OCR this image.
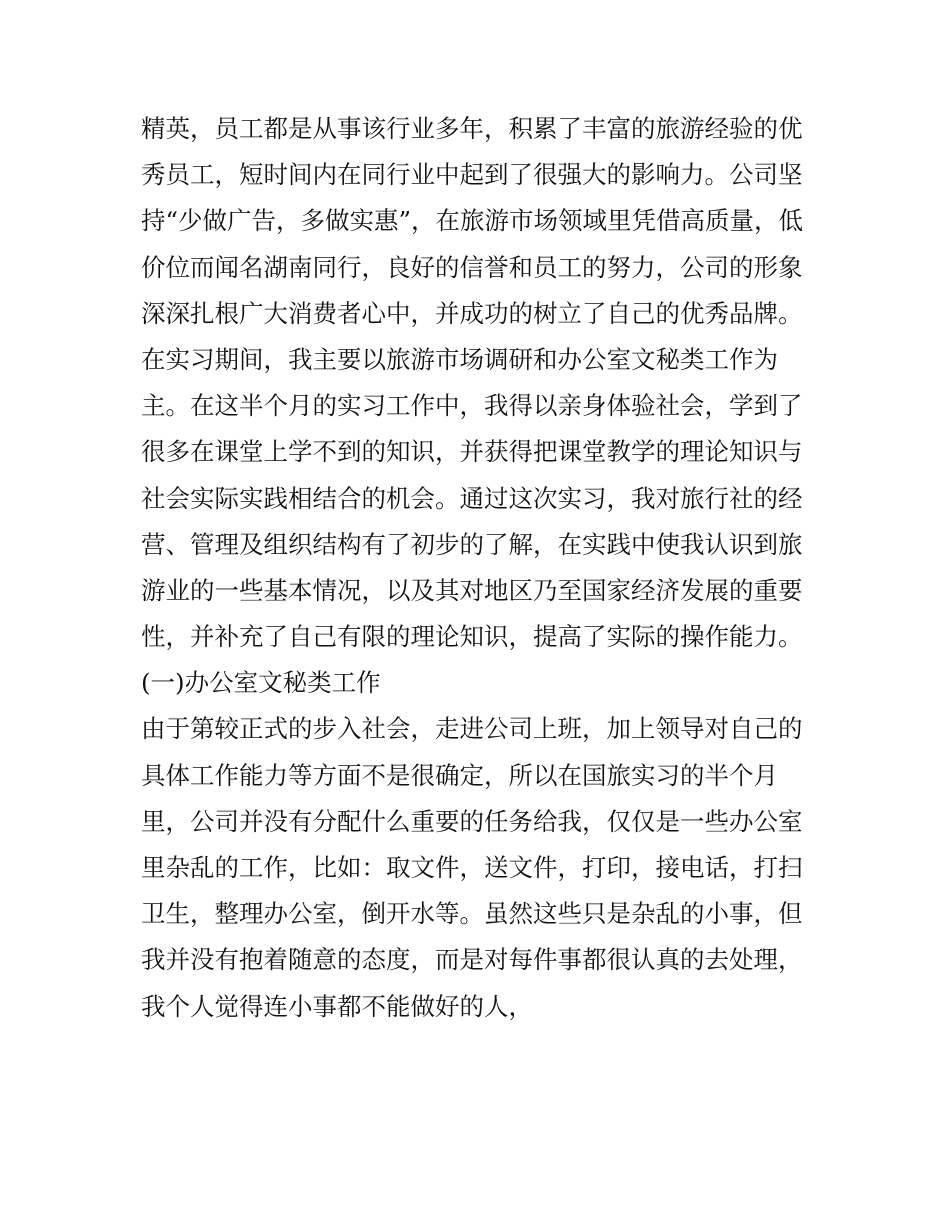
精英，员工都是从事该行业多年，积累了丰富的旅游经验的优
秀员工，短时间内在同行业中起到了很强大的影响力。公司坚
持“少做广告，多做实惠”，在旅游市场领域里凭借高质量，低
价位而闻名湖南同行，良好的信誉和员工的努力，公司的形象
深深扎根广大消费者心中，并成功的树立了自己的优秀品牌。
在实习期间，我主要以旅游市场调研和办公室文秘类工作为
主。在这半个月的实习工作中，我得以亲身体验社会，学到了
很多在课堂上学不到的知识，并获得把课堂教学的理论知识与
社会实际实践相结合的机会。通过这次实习，我对旅行社的经
营、管理及组织结构有了初步的了解，在实践中使我认识到旅
游业的一些基本情况，以及其对地区乃至国家经济发展的重要
性，并补充了自己有限的理论知识，提高了实际的操作能力。
(一)办公室文秘类工作
由于第较正式的步入社会，走进公司上班，加上领导对自己的
具体工作能力等方面不是很确定，所以在国旅实习的半个月
里，公司并没有分配什么重要的任务给我，仅仅是一些办公室
里杂乱的工作，比如：取文件，送文件，打印，接电话，打扫
卫生，整理办公室，倒开水等。虽然这些只是杂乱的小事，但
我并没有抱着随意的态度，而是对每件事都很认真的去处理，
我个人觉得连小事都不能做好的人，
